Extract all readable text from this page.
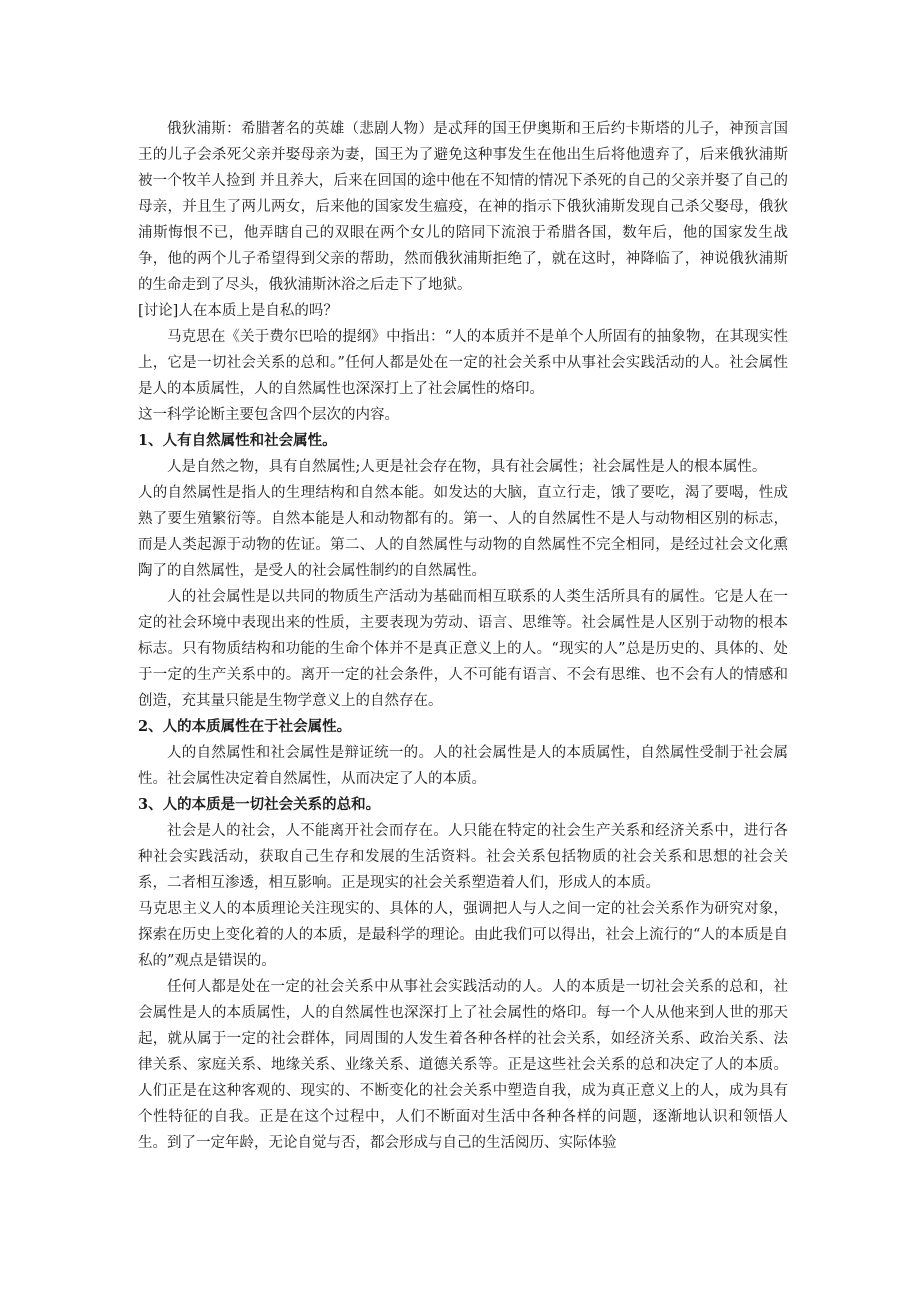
俄狄浦斯：希腊著名的英雄（悲剧人物）是忒拜的国王伊奥斯和王后约卡斯塔的儿子，神预言国王的儿子会杀死父亲并娶母亲为妻，国王为了避免这种事发生在他出生后将他遗弃了，后来俄狄浦斯被一个牧羊人捡到 并且养大，后来在回国的途中他在不知情的情况下杀死的自己的父亲并娶了自己的母亲，并且生了两儿两女，后来他的国家发生瘟疫，在神的指示下俄狄浦斯发现自己杀父娶母，俄狄浦斯悔恨不已，他弄瞎自己的双眼在两个女儿的陪同下流浪于希腊各国，数年后，他的国家发生战争，他的两个儿子希望得到父亲的帮助，然而俄狄浦斯拒绝了，就在这时，神降临了，神说俄狄浦斯的生命走到了尽头，俄狄浦斯沐浴之后走下了地狱。

[讨论]人在本质上是自私的吗？

马克思在《关于费尔巴哈的提纲》中指出：“人的本质并不是单个人所固有的抽象物，在其现实性上，它是一切社会关系的总和。”任何人都是处在一定的社会关系中从事社会实践活动的人。社会属性是人的本质属性，人的自然属性也深深打上了社会属性的烙印。

这一科学论断主要包含四个层次的内容。

1、人有自然属性和社会属性。

人是自然之物，具有自然属性;人更是社会存在物，具有社会属性；社会属性是人的根本属性。

人的自然属性是指人的生理结构和自然本能。如发达的大脑，直立行走，饿了要吃，渴了要喝，性成熟了要生殖繁衍等。自然本能是人和动物都有的。第一、人的自然属性不是人与动物相区别的标志，而是人类起源于动物的佐证。第二、人的自然属性与动物的自然属性不完全相同，是经过社会文化熏陶了的自然属性，是受人的社会属性制约的自然属性。

人的社会属性是以共同的物质生产活动为基础而相互联系的人类生活所具有的属性。它是人在一定的社会环境中表现出来的性质，主要表现为劳动、语言、思维等。社会属性是人区别于动物的根本标志。只有物质结构和功能的生命个体并不是真正意义上的人。“现实的人”总是历史的、具体的、处于一定的生产关系中的。离开一定的社会条件，人不可能有语言、不会有思维、也不会有人的情感和创造，充其量只能是生物学意义上的自然存在。

2、人的本质属性在于社会属性。

人的自然属性和社会属性是辩证统一的。人的社会属性是人的本质属性，自然属性受制于社会属性。社会属性决定着自然属性，从而决定了人的本质。

3、人的本质是一切社会关系的总和。

社会是人的社会，人不能离开社会而存在。人只能在特定的社会生产关系和经济关系中，进行各种社会实践活动，获取自己生存和发展的生活资料。社会关系包括物质的社会关系和思想的社会关系，二者相互渗透，相互影响。正是现实的社会关系塑造着人们，形成人的本质。

马克思主义人的本质理论关注现实的、具体的人，强调把人与人之间一定的社会关系作为研究对象，探索在历史上变化着的人的本质，是最科学的理论。由此我们可以得出，社会上流行的“人的本质是自私的”观点是错误的。

任何人都是处在一定的社会关系中从事社会实践活动的人。人的本质是一切社会关系的总和，社会属性是人的本质属性，人的自然属性也深深打上了社会属性的烙印。每一个人从他来到人世的那天起，就从属于一定的社会群体，同周围的人发生着各种各样的社会关系，如经济关系、政治关系、法律关系、家庭关系、地缘关系、业缘关系、道德关系等。正是这些社会关系的总和决定了人的本质。人们正是在这种客观的、现实的、不断变化的社会关系中塑造自我，成为真正意义上的人，成为具有个性特征的自我。正是在这个过程中，人们不断面对生活中各种各样的问题，逐渐地认识和领悟人生。到了一定年龄，无论自觉与否，都会形成与自己的生活阅历、实际体验
